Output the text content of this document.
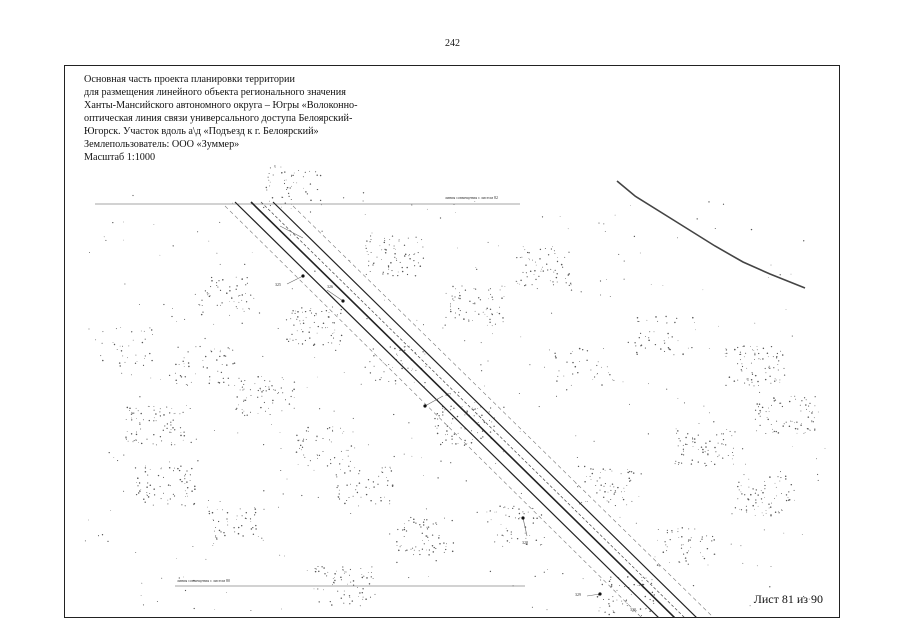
242
линия совмещения с листом 82
линия совмещения с листом 80
325	326
327
328
329
330
Основная часть проекта планировки территории
для размещения линейного объекта регионального значения
Ханты-Мансийского автономного округа – Югры «Волоконно-
оптическая линия связи универсального доступа Белоярский-
Югорск. Участок вдоль а\д «Подъезд к г. Белоярский»
Землепользователь: ООО «Зуммер»
Масштаб 1:1000
Лист 81 из 90
